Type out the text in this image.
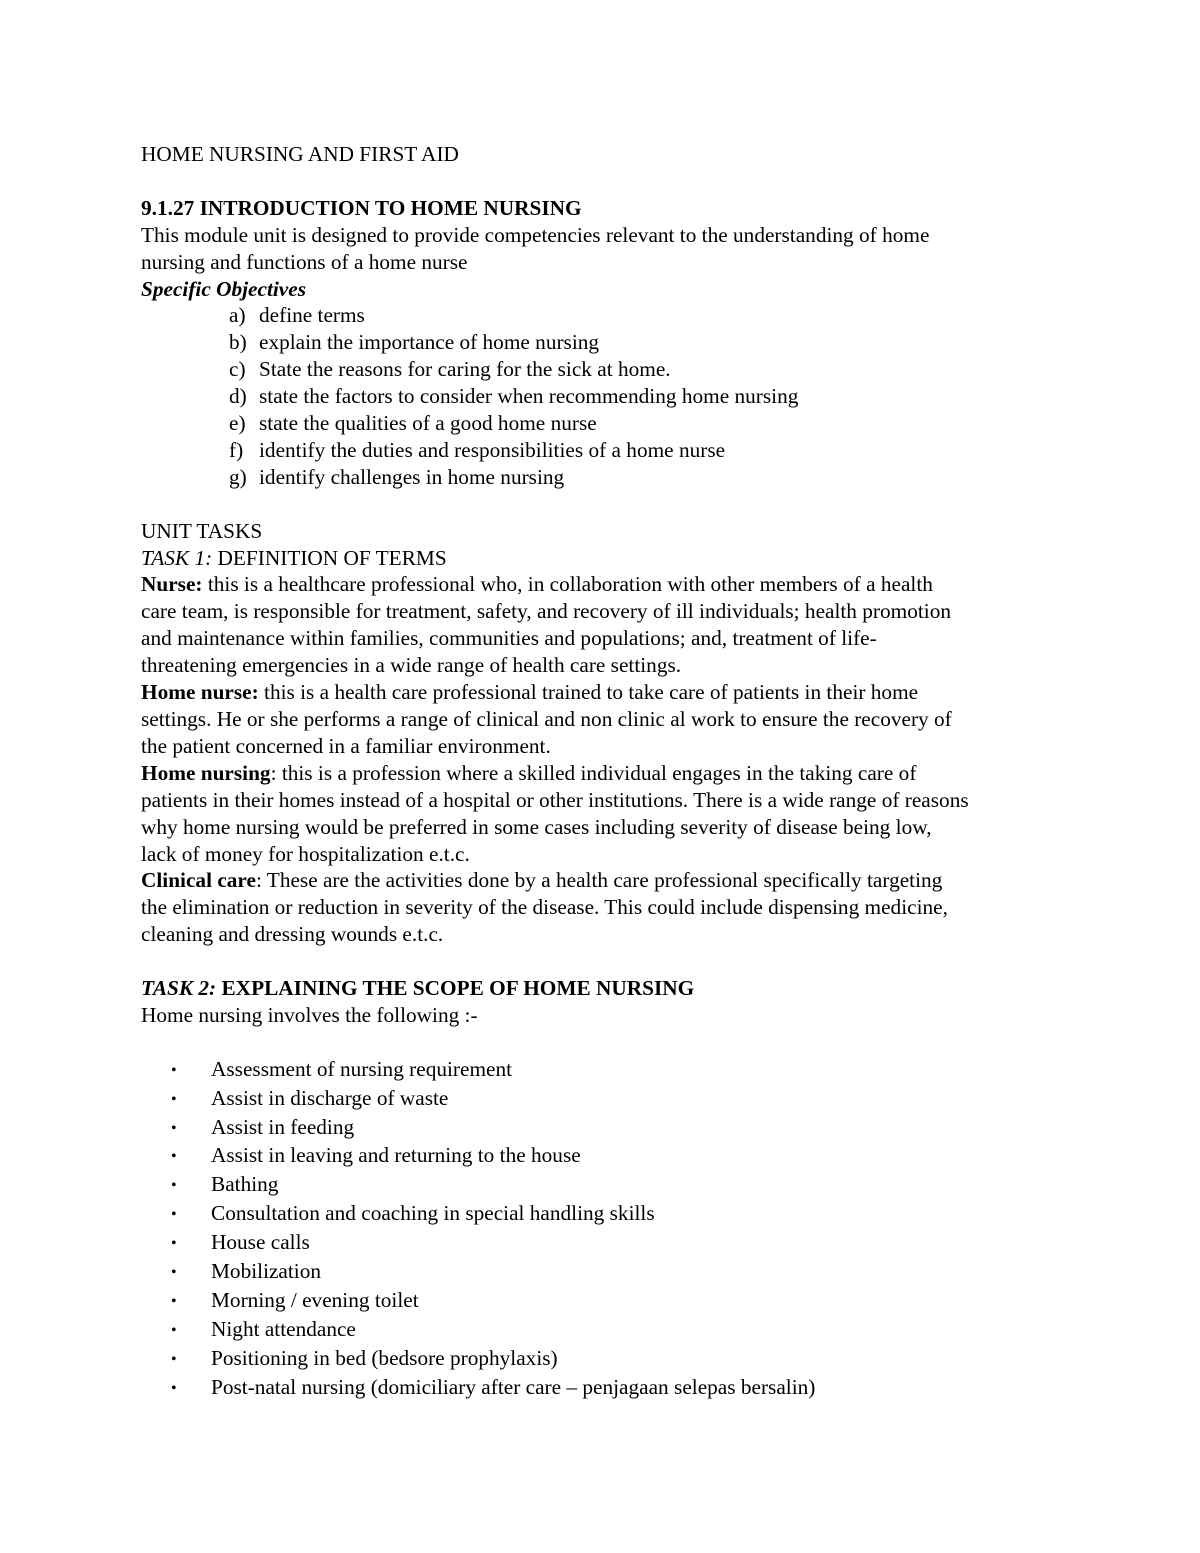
HOME NURSING AND FIRST AID
9.1.27 INTRODUCTION TO HOME NURSING
This module unit is designed to provide competencies relevant to the understanding of home
nursing and functions of a home nurse
Specific Objectives
a) define terms
b) explain the importance of home nursing
c) State the reasons for caring for the sick at home.
d) state the factors to consider when recommending home nursing
e) state the qualities of a good home nurse
f) identify the duties and responsibilities of a home nurse
g) identify challenges in home nursing
UNIT TASKS
TASK 1: DEFINITION OF TERMS
Nurse: this is a healthcare professional who, in collaboration with other members of a health
care team, is responsible for treatment, safety, and recovery of ill individuals; health promotion
and maintenance within families, communities and populations; and, treatment of life-
threatening emergencies in a wide range of health care settings.
Home nurse: this is a health care professional trained to take care of patients in their home
settings. He or she performs a range of clinical and non clinic al work to ensure the recovery of
the patient concerned in a familiar environment.
Home nursing: this is a profession where a skilled individual engages in the taking care of
patients in their homes instead of a hospital or other institutions. There is a wide range of reasons
why home nursing would be preferred in some cases including severity of disease being low,
lack of money for hospitalization e.t.c.
Clinical care: These are the activities done by a health care professional specifically targeting
the elimination or reduction in severity of the disease. This could include dispensing medicine,
cleaning and dressing wounds e.t.c.
TASK 2: EXPLAINING THE SCOPE OF HOME NURSING
Home nursing involves the following :-
• Assessment of nursing requirement
• Assist in discharge of waste
• Assist in feeding
• Assist in leaving and returning to the house
• Bathing
• Consultation and coaching in special handling skills
• House calls
• Mobilization
• Morning / evening toilet
• Night attendance
• Positioning in bed (bedsore prophylaxis)
• Post-natal nursing (domiciliary after care – penjagaan selepas bersalin)
